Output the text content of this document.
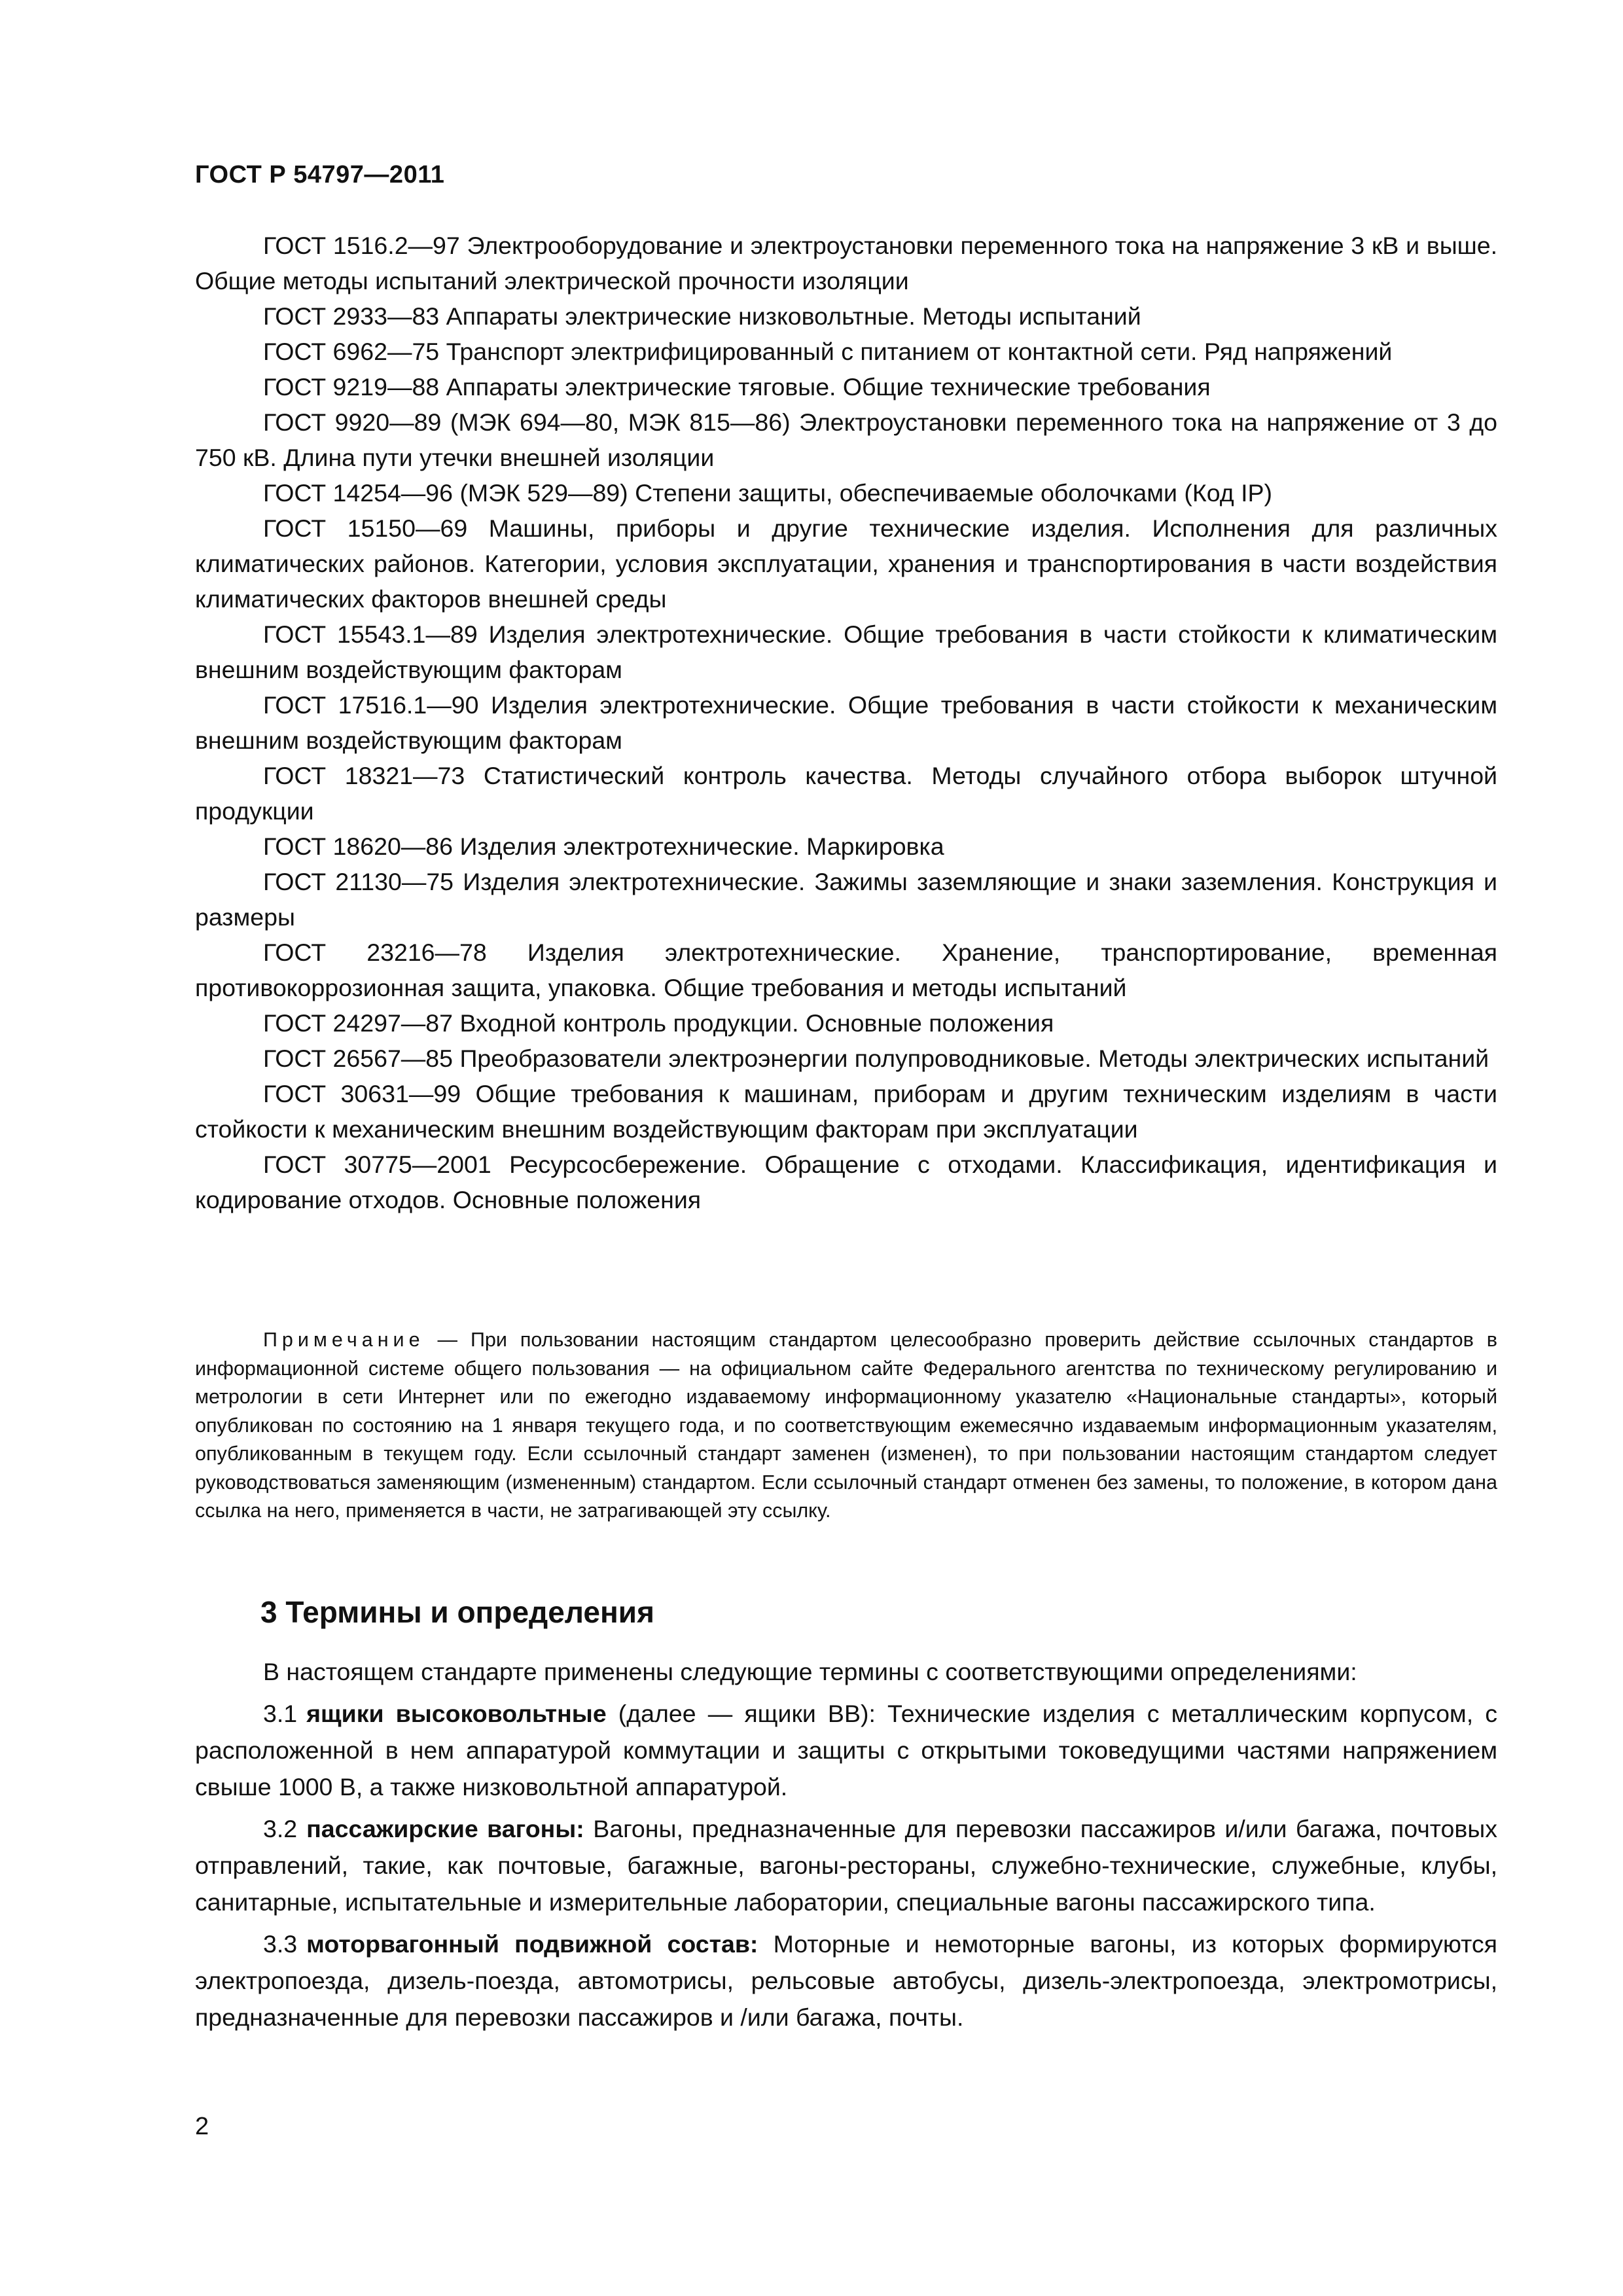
ГОСТ Р 54797—2011

ГОСТ 1516.2—97 Электрооборудование и электроустановки переменного тока на напряжение 3 кВ и выше. Общие методы испытаний электрической прочности изоляции

ГОСТ 2933—83 Аппараты электрические низковольтные. Методы испытаний

ГОСТ 6962—75 Транспорт электрифицированный с питанием от контактной сети. Ряд напряжений

ГОСТ 9219—88 Аппараты электрические тяговые. Общие технические требования

ГОСТ 9920—89 (МЭК 694—80, МЭК 815—86) Электроустановки переменного тока на напряжение от 3 до 750 кВ. Длина пути утечки внешней изоляции

ГОСТ 14254—96 (МЭК 529—89) Степени защиты, обеспечиваемые оболочками (Код IP)

ГОСТ 15150—69 Машины, приборы и другие технические изделия. Исполнения для различных климатических районов. Категории, условия эксплуатации, хранения и транспортирования в части воздействия климатических факторов внешней среды

ГОСТ 15543.1—89 Изделия электротехнические. Общие требования в части стойкости к климатическим внешним воздействующим факторам

ГОСТ 17516.1—90 Изделия электротехнические. Общие требования в части стойкости к механическим внешним воздействующим факторам

ГОСТ 18321—73 Статистический контроль качества. Методы случайного отбора выборок штучной продукции

ГОСТ 18620—86 Изделия электротехнические. Маркировка

ГОСТ 21130—75 Изделия электротехнические. Зажимы заземляющие и знаки заземления. Конструкция и размеры

ГОСТ 23216—78 Изделия электротехнические. Хранение, транспортирование, временная противокоррозионная защита, упаковка. Общие требования и методы испытаний

ГОСТ 24297—87 Входной контроль продукции. Основные положения

ГОСТ 26567—85 Преобразователи электроэнергии полупроводниковые. Методы электрических испытаний

ГОСТ 30631—99 Общие требования к машинам, приборам и другим техническим изделиям в части стойкости к механическим внешним воздействующим факторам при эксплуатации

ГОСТ 30775—2001 Ресурсосбережение. Обращение с отходами. Классификация, идентификация и кодирование отходов. Основные положения

Примечание — При пользовании настоящим стандартом целесообразно проверить действие ссылочных стандартов в информационной системе общего пользования — на официальном сайте Федерального агентства по техническому регулированию и метрологии в сети Интернет или по ежегодно издаваемому информационному указателю «Национальные стандарты», который опубликован по состоянию на 1 января текущего года, и по соответствующим ежемесячно издаваемым информационным указателям, опубликованным в текущем году. Если ссылочный стандарт заменен (изменен), то при пользовании настоящим стандартом следует руководствоваться заменяющим (измененным) стандартом. Если ссылочный стандарт отменен без замены, то положение, в котором дана ссылка на него, применяется в части, не затрагивающей эту ссылку.
3 Термины и определения

В настоящем стандарте применены следующие термины с соответствующими определениями:

3.1 ящики высоковольтные (далее — ящики ВВ): Технические изделия с металлическим корпусом, с расположенной в нем аппаратурой коммутации и защиты с открытыми токоведущими частями напряжением свыше 1000 В, а также низковольтной аппаратурой.

3.2 пассажирские вагоны: Вагоны, предназначенные для перевозки пассажиров и/или багажа, почтовых отправлений, такие, как почтовые, багажные, вагоны-рестораны, служебно-технические, служебные, клубы, санитарные, испытательные и измерительные лаборатории, специальные вагоны пассажирского типа.

3.3 моторвагонный подвижной состав: Моторные и немоторные вагоны, из которых формируются электропоезда, дизель-поезда, автомотрисы, рельсовые автобусы, дизель-электропоезда, электромотрисы, предназначенные для перевозки пассажиров и /или багажа, почты.

2
